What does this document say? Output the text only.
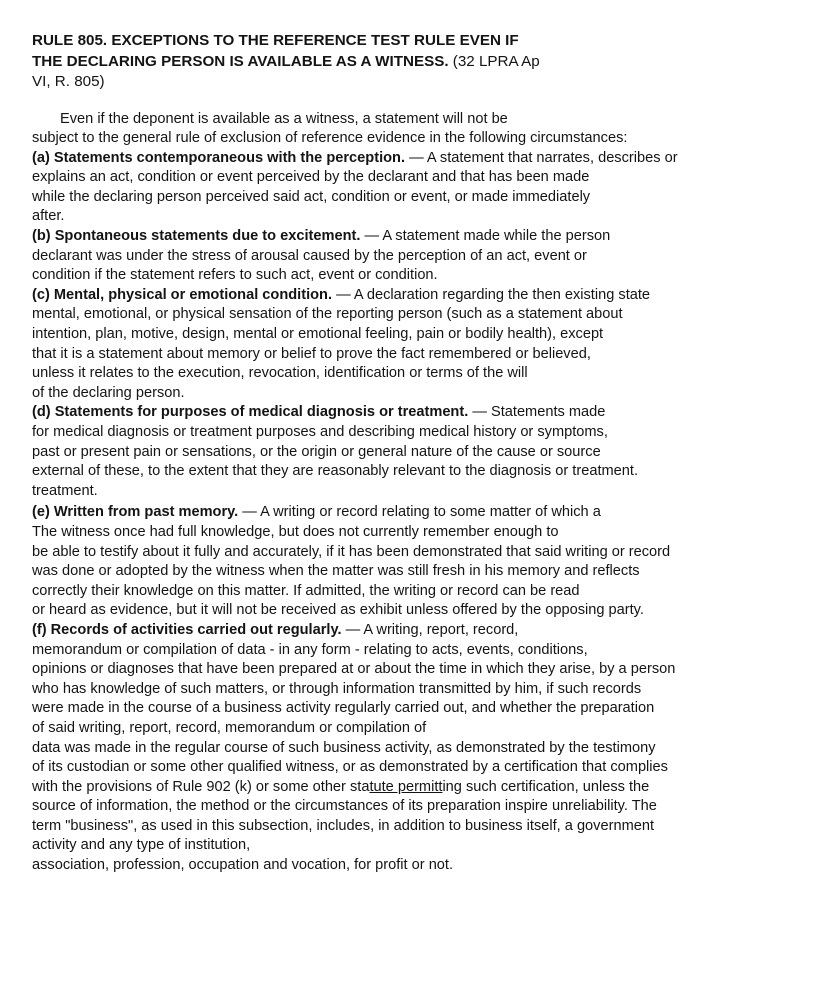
RULE 805. EXCEPTIONS TO THE REFERENCE TEST RULE EVEN IF
THE DECLARING PERSON IS AVAILABLE AS A WITNESS. (32 LPRA Ap
VI, R. 805)
Even if the deponent is available as a witness, a statement will not be
subject to the general rule of exclusion of reference evidence in the following circumstances:
(a) Statements contemporaneous with the perception. — A statement that narrates, describes or
explains an act, condition or event perceived by the declarant and that has been made
while the declaring person perceived said act, condition or event, or made immediately
after.
(b) Spontaneous statements due to excitement. — A statement made while the person
declarant was under the stress of arousal caused by the perception of an act, event or
condition if the statement refers to such act, event or condition.
(c) Mental, physical or emotional condition. — A declaration regarding the then existing state
mental, emotional, or physical sensation of the reporting person (such as a statement about
intention, plan, motive, design, mental or emotional feeling, pain or bodily health), except
that it is a statement about memory or belief to prove the fact remembered or believed,
unless it relates to the execution, revocation, identification or terms of the will
of the declaring person.
(d) Statements for purposes of medical diagnosis or treatment. — Statements made
for medical diagnosis or treatment purposes and describing medical history or symptoms,
past or present pain or sensations, or the origin or general nature of the cause or source
external of these, to the extent that they are reasonably relevant to the diagnosis or treatment.
treatment.
(e) Written from past memory. — A writing or record relating to some matter of which a
The witness once had full knowledge, but does not currently remember enough to
be able to testify about it fully and accurately, if it has been demonstrated that said writing or record
was done or adopted by the witness when the matter was still fresh in his memory and reflects
correctly their knowledge on this matter. If admitted, the writing or record can be read
or heard as evidence, but it will not be received as exhibit unless offered by the opposing party.
(f) Records of activities carried out regularly. — A writing, report, record,
memorandum or compilation of data - in any form - relating to acts, events, conditions,
opinions or diagnoses that have been prepared at or about the time in which they arise, by a person
who has knowledge of such matters, or through information transmitted by him, if such records
were made in the course of a business activity regularly carried out, and whether the preparation
of said writing, report, record, memorandum or compilation of
data was made in the regular course of such business activity, as demonstrated by the testimony
of its custodian or some other qualified witness, or as demonstrated by a certification that complies
with the provisions of Rule 902 (k) or some other statute permitting such certification, unless the
source of information, the method or the circumstances of its preparation inspire unreliability. The
term "business", as used in this subsection, includes, in addition to business itself, a government
activity and any type of institution,
association, profession, occupation and vocation, for profit or not.
